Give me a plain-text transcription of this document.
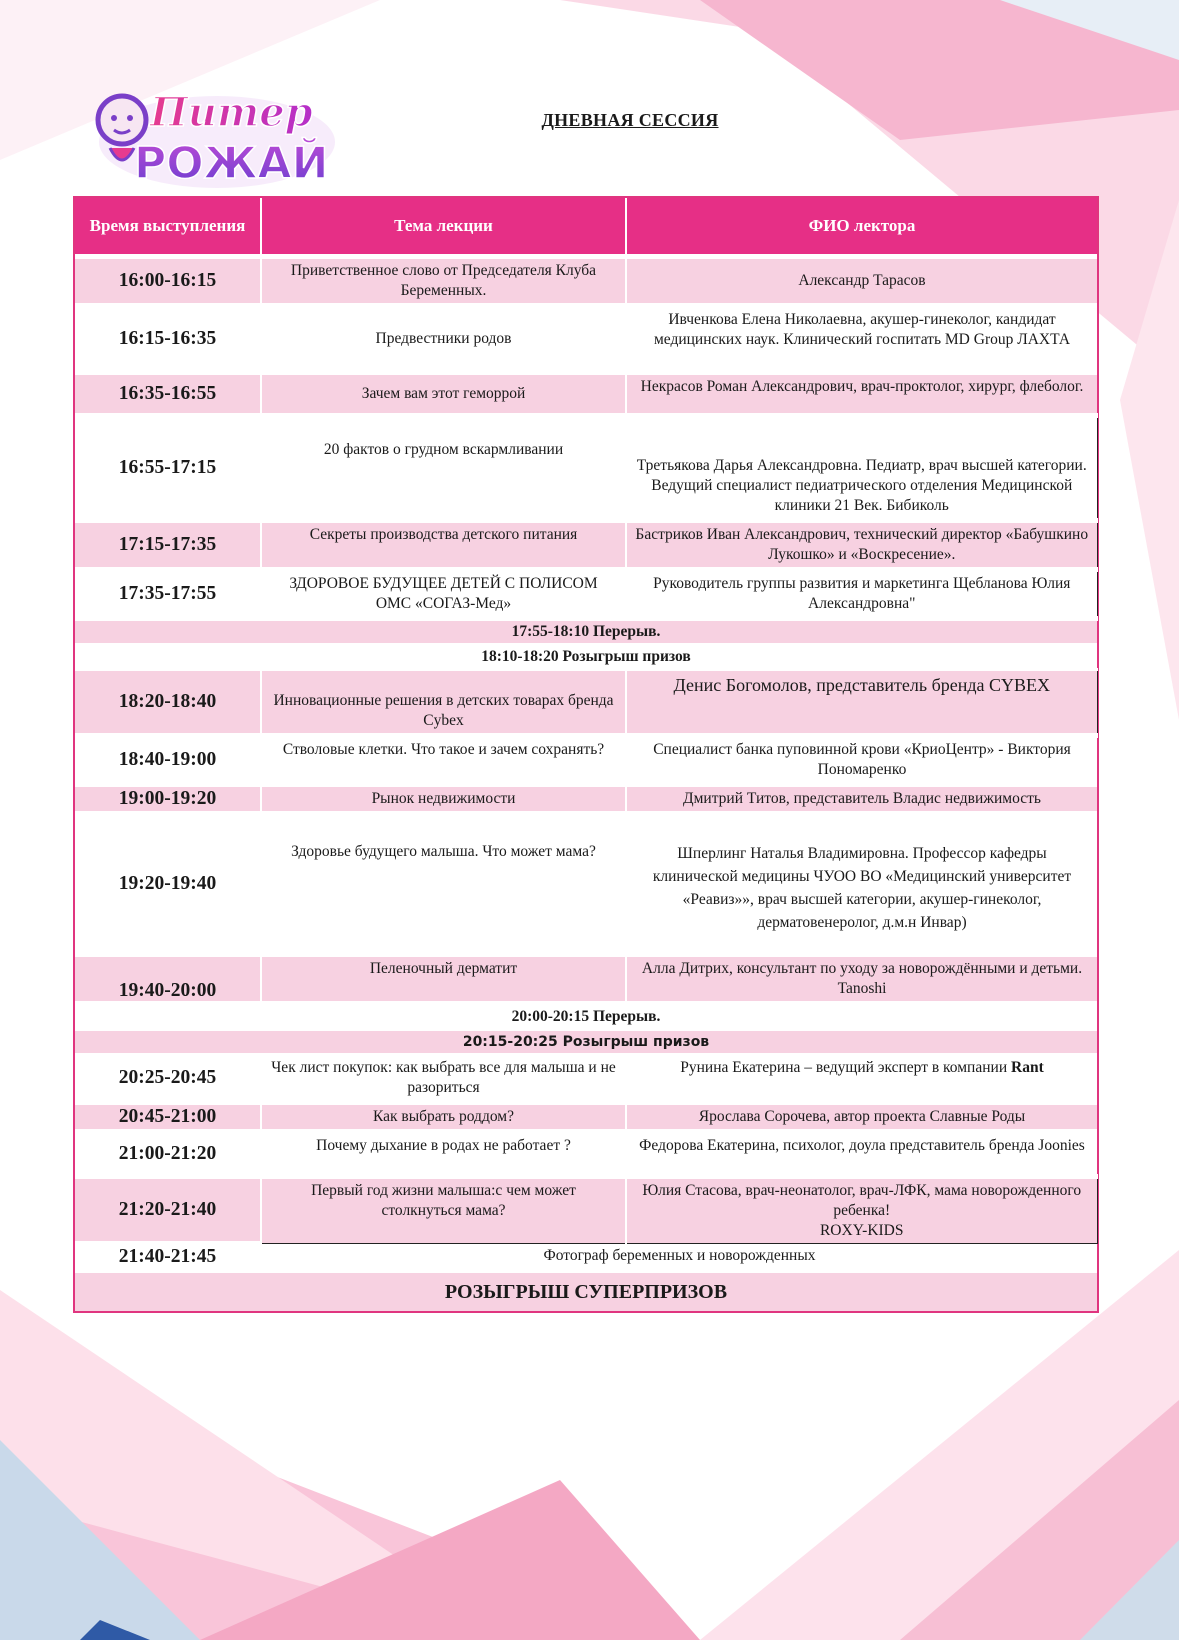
Питер
РОЖАЙ
ДНЕВНАЯ СЕССИЯ
Время выступления	Тема лекции	ФИО лектора
16:00-16:15	Приветственное слово от Председателя Клуба Беременных.	Александр Тарасов
16:15-16:35	Предвестники родов	Ивченкова Елена Николаевна, акушер-гинеколог, кандидат медицинских наук. Клинический госпитать MD Group ЛАХТА
16:35-16:55	Зачем вам этот геморрой	Некрасов Роман Александрович, врач-проктолог, хирург, флеболог.
16:55-17:15	20 фактов о грудном вскармливании	Третьякова Дарья Александровна. Педиатр, врач высшей категории. Ведущий специалист педиатрического отделения Медицинской клиники 21 Век. Бибиколь
17:15-17:35	Секреты производства детского питания	Бастриков Иван Александрович, технический директор «Бабушкино Лукошко» и «Воскресение».
17:35-17:55	ЗДОРОВОЕ БУДУЩЕЕ ДЕТЕЙ С ПОЛИСОМ ОМС «СОГАЗ-Мед»	Руководитель группы развития и маркетинга Щебланова Юлия Александровна"
17:55-18:10 Перерыв.		
18:10-18:20 Розыгрыш призов		
18:20-18:40	Инновационные решения в детских товарах бренда Cybex	Денис Богомолов, представитель бренда CYBEX
18:40-19:00	Стволовые клетки. Что такое и зачем сохранять?	Специалист банка пуповинной крови «КриоЦентр» - Виктория Пономаренко
19:00-19:20	Рынок недвижимости	Дмитрий Титов, представитель Владис недвижимость
19:20-19:40	Здоровье будущего малыша. Что может мама?	Шперлинг Наталья Владимировна. Профессор кафедры клинической медицины ЧУОО ВО «Медицинский университет «Реавиз»», врач высшей категории, акушер-гинеколог, дерматовенеролог, д.м.н Инвар)
19:40-20:00	Пеленочный дерматит	Алла Дитрих, консультант по уходу за новорождёнными и детьми. Tanoshi
20:00-20:15 Перерыв.		
20:15-20:25 Розыгрыш призов		
20:25-20:45	Чек лист покупок: как выбрать все для малыша и не разориться	Рунина Екатерина – ведущий эксперт в компании Rant
20:45-21:00	Как выбрать роддом?	Ярослава Сорочева, автор проекта Славные Роды
21:00-21:20	Почему дыхание в родах не работает ?	Федорова Екатерина, психолог, доула представитель бренда Joonies
21:20-21:40	Первый год жизни малыша:с чем может столкнуться мама?	Юлия Стасова, врач-неонатолог, врач-ЛФК, мама новорожденного ребенка!
ROXY-KIDS
21:40-21:45	Фотограф беременных и новорожденных	
РОЗЫГРЫШ СУПЕРПРИЗОВ		
